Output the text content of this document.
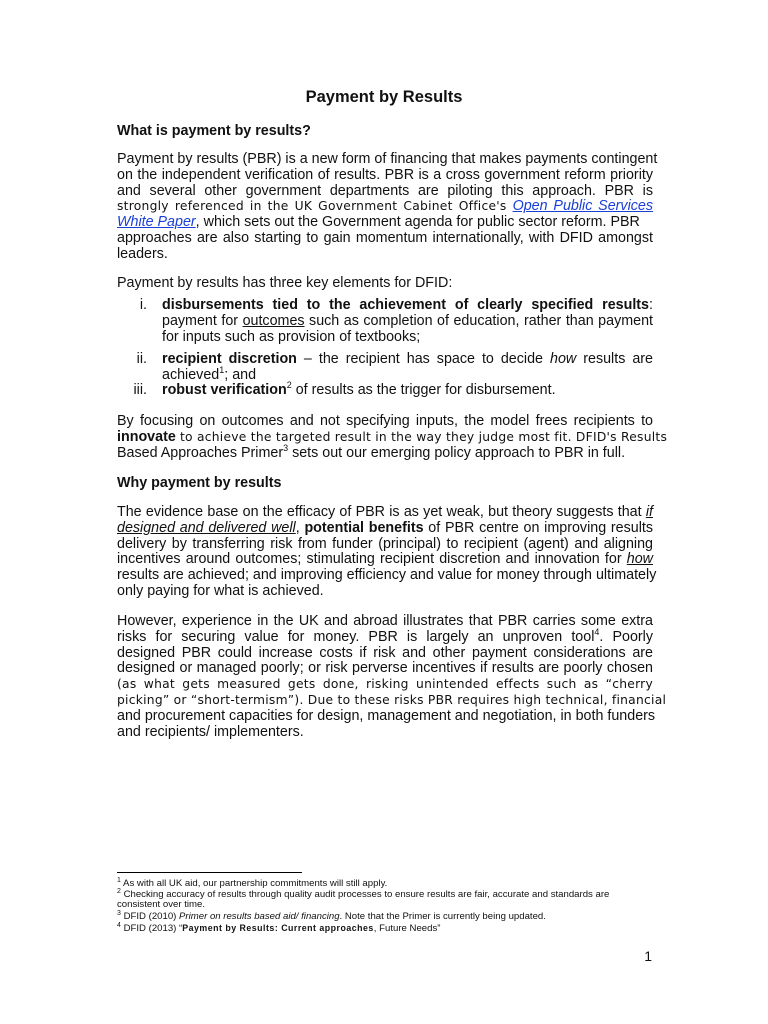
Payment by Results
What is payment by results?
Payment by results (PBR) is a new form of financing that makes payments contingent
on the independent verification of results. PBR is a cross government reform priority
and several other government departments are piloting this approach. PBR is
strongly referenced in the UK Government Cabinet Office's Open Public Services
White Paper, which sets out the Government agenda for public sector reform. PBR
approaches are also starting to gain momentum internationally, with DFID amongst
leaders.
Payment by results has three key elements for DFID:
i. disbursements tied to the achievement of clearly specified results:
payment for outcomes such as completion of education, rather than payment
for inputs such as provision of textbooks;
ii. recipient discretion – the recipient has space to decide how results are
achieved$^1$; and
iii. robust verification$^2$ of results as the trigger for disbursement.
By focusing on outcomes and not specifying inputs, the model frees recipients to
innovate to achieve the targeted result in the way they judge most fit. DFID's Results
Based Approaches Primer$^3$ sets out our emerging policy approach to PBR in full.
Why payment by results
The evidence base on the efficacy of PBR is as yet weak, but theory suggests that if
designed and delivered well, potential benefits of PBR centre on improving results
delivery by transferring risk from funder (principal) to recipient (agent) and aligning
incentives around outcomes; stimulating recipient discretion and innovation for how
results are achieved; and improving efficiency and value for money through ultimately
only paying for what is achieved.
However, experience in the UK and abroad illustrates that PBR carries some extra
risks for securing value for money. PBR is largely an unproven tool$^4$. Poorly
designed PBR could increase costs if risk and other payment considerations are
designed or managed poorly; or risk perverse incentives if results are poorly chosen
(as what gets measured gets done, risking unintended effects such as “cherry
picking” or “short-termism”). Due to these risks PBR requires high technical, financial
and procurement capacities for design, management and negotiation, in both funders
and recipients/ implementers.
$^1$ As with all UK aid, our partnership commitments will still apply.
$^2$ Checking accuracy of results through quality audit processes to ensure results are fair, accurate and standards are
consistent over time.
$^3$ DFID (2010) Primer on results based aid/ financing. Note that the Primer is currently being updated.
$^4$ DFID (2013) “Payment by Results: Current approaches, Future Needs”
1
